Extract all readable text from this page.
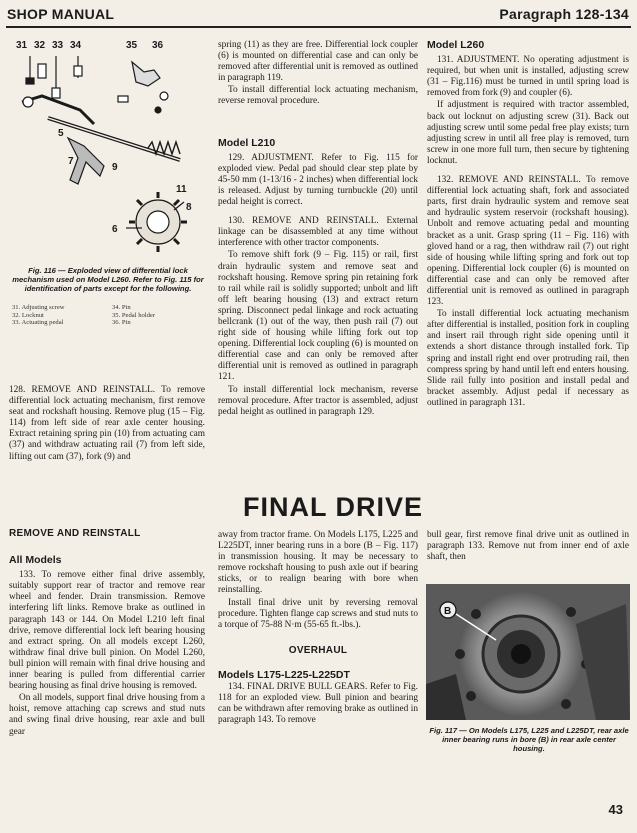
SHOP MANUAL	Paragraph 128-134
31 32 33 34	35 36
5
7
9
11
8
6
Fig. 116 — Exploded view of differential lock mechanism used on Model L260. Refer to Fig. 115 for identification of parts except for the following.
31. Adjusting screw
32. Locknut
33. Actuating pedal
34. Pin
35. Pedal holder
36. Pin

128. REMOVE AND REINSTALL. To remove differential lock actuating mechanism, first remove seat and rockshaft housing. Remove plug (15 – Fig. 114) from left side of rear axle center housing. Extract retaining spring pin (10) from actuating cam (37) and withdraw actuating rail (7) from left side, lifting out cam (37), fork (9) and

spring (11) as they are free. Differential lock coupler (6) is mounted on differential case and can only be removed after differential unit is removed as outlined in paragraph 119.

To install differential lock actuating mechanism, reverse removal procedure.

Model L210

129. ADJUSTMENT. Refer to Fig. 115 for exploded view. Pedal pad should clear step plate by 45-50 mm (1-13/16 - 2 inches) when differential lock is released. Adjust by turning turnbuckle (20) until pedal height is correct.

130. REMOVE AND REINSTALL. External linkage can be disassembled at any time without interference with other tractor components.

To remove shift fork (9 – Fig. 115) or rail, first drain hydraulic system and remove seat and rockshaft housing. Remove spring pin retaining fork to rail while rail is solidly supported; unbolt and lift off left bearing housing (13) and extract return spring. Disconnect pedal linkage and rock actuating bellcrank (1) out of the way, then push rail (7) out right side of housing while lifting fork out top opening. Differential lock coupling (6) is mounted on differential case and can only be removed after differential unit is removed as outlined in paragraph 121.

To install differential lock mechanism, reverse removal procedure. After tractor is assembled, adjust pedal height as outlined in paragraph 129.

Model L260

131. ADJUSTMENT. No operating adjustment is required, but when unit is installed, adjusting screw (31 – Fig.116) must be turned in until spring load is removed from fork (9) and coupler (6).

If adjustment is required with tractor assembled, back out locknut on adjusting screw (31). Back out adjusting screw until some pedal free play exists; turn adjusting screw in until all free play is removed, turn screw in one more full turn, then secure by tightening locknut.

132. REMOVE AND REINSTALL. To remove differential lock actuating shaft, fork and associated parts, first drain hydraulic system and remove seat and hydraulic system reservoir (rockshaft housing). Unbolt and remove actuating pedal and mounting bracket as a unit. Grasp spring (11 – Fig. 116) with gloved hand or a rag, then withdraw rail (7) out right side of housing while lifting spring and fork out top opening. Differential lock coupler (6) is mounted on differential case and can only be removed after differential unit is removed as outlined in paragraph 123.

To install differential lock actuating mechanism after differential is installed, position fork in coupling and insert rail through right side opening until it extends a short distance through installed fork. Tip spring and install right end over protruding rail, then compress spring by hand until left end enters housing. Slide rail fully into position and install pedal and bracket assembly. Adjust pedal if necessary as outlined in paragraph 131.

FINAL DRIVE
REMOVE AND REINSTALL
All Models

133. To remove either final drive assembly, suitably support rear of tractor and remove rear wheel and fender. Drain transmission. Remove interfering lift links. Remove brake as outlined in paragraph 143 or 144. On Model L210 left final drive, remove differential lock left bearing housing and extract spring. On all models except L260, withdraw final drive bull pinion. On Model L260, bull pinion will remain with final drive housing and inner bearing is pulled from differential carrier bearing housing as final drive housing is removed.

On all models, support final drive housing from a hoist, remove attaching cap screws and stud nuts and swing final drive housing, rear axle and bull gear

away from tractor frame. On Models L175, L225 and L225DT, inner bearing runs in a bore (B – Fig. 117) in transmission housing. It may be necessary to remove rockshaft housing to push axle out if bearing sticks, or to realign bearing with bore when reinstalling.

Install final drive unit by reversing removal procedure. Tighten flange cap screws and stud nuts to a torque of 75-88 N·m (55-65 ft.-lbs.).

OVERHAUL
Models L175-L225-L225DT

134. FINAL DRIVE BULL GEARS. Refer to Fig. 118 for an exploded view. Bull pinion and bearing can be withdrawn after removing brake as outlined in paragraph 143. To remove

bull gear, first remove final drive unit as outlined in paragraph 133. Remove nut from inner end of axle shaft, then

B
Fig. 117 — On Models L175, L225 and L225DT, rear axle inner bearing runs in bore (B) in rear axle center housing.
43
